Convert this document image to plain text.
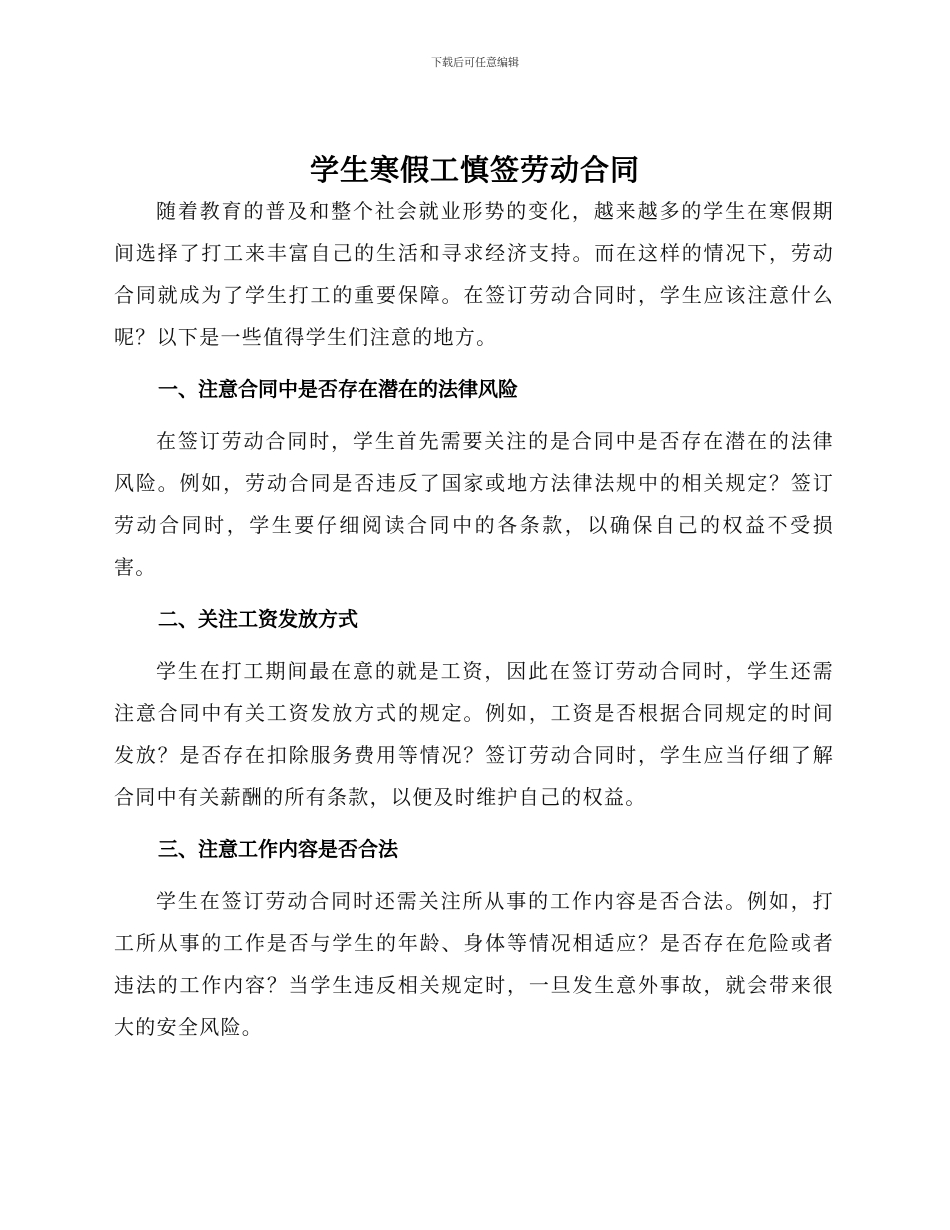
下载后可任意编辑
学生寒假工慎签劳动合同

随着教育的普及和整个社会就业形势的变化，越来越多的学生在寒假期间选择了打工来丰富自己的生活和寻求经济支持。而在这样的情况下，劳动合同就成为了学生打工的重要保障。在签订劳动合同时，学生应该注意什么呢？以下是一些值得学生们注意的地方。

一、注意合同中是否存在潜在的法律风险

在签订劳动合同时，学生首先需要关注的是合同中是否存在潜在的法律风险。例如，劳动合同是否违反了国家或地方法律法规中的相关规定？签订劳动合同时，学生要仔细阅读合同中的各条款，以确保自己的权益不受损害。

二、关注工资发放方式

学生在打工期间最在意的就是工资，因此在签订劳动合同时，学生还需注意合同中有关工资发放方式的规定。例如，工资是否根据合同规定的时间发放？是否存在扣除服务费用等情况？签订劳动合同时，学生应当仔细了解合同中有关薪酬的所有条款，以便及时维护自己的权益。

三、注意工作内容是否合法

学生在签订劳动合同时还需关注所从事的工作内容是否合法。例如，打工所从事的工作是否与学生的年龄、身体等情况相适应？是否存在危险或者违法的工作内容？当学生违反相关规定时，一旦发生意外事故，就会带来很大的安全风险。
